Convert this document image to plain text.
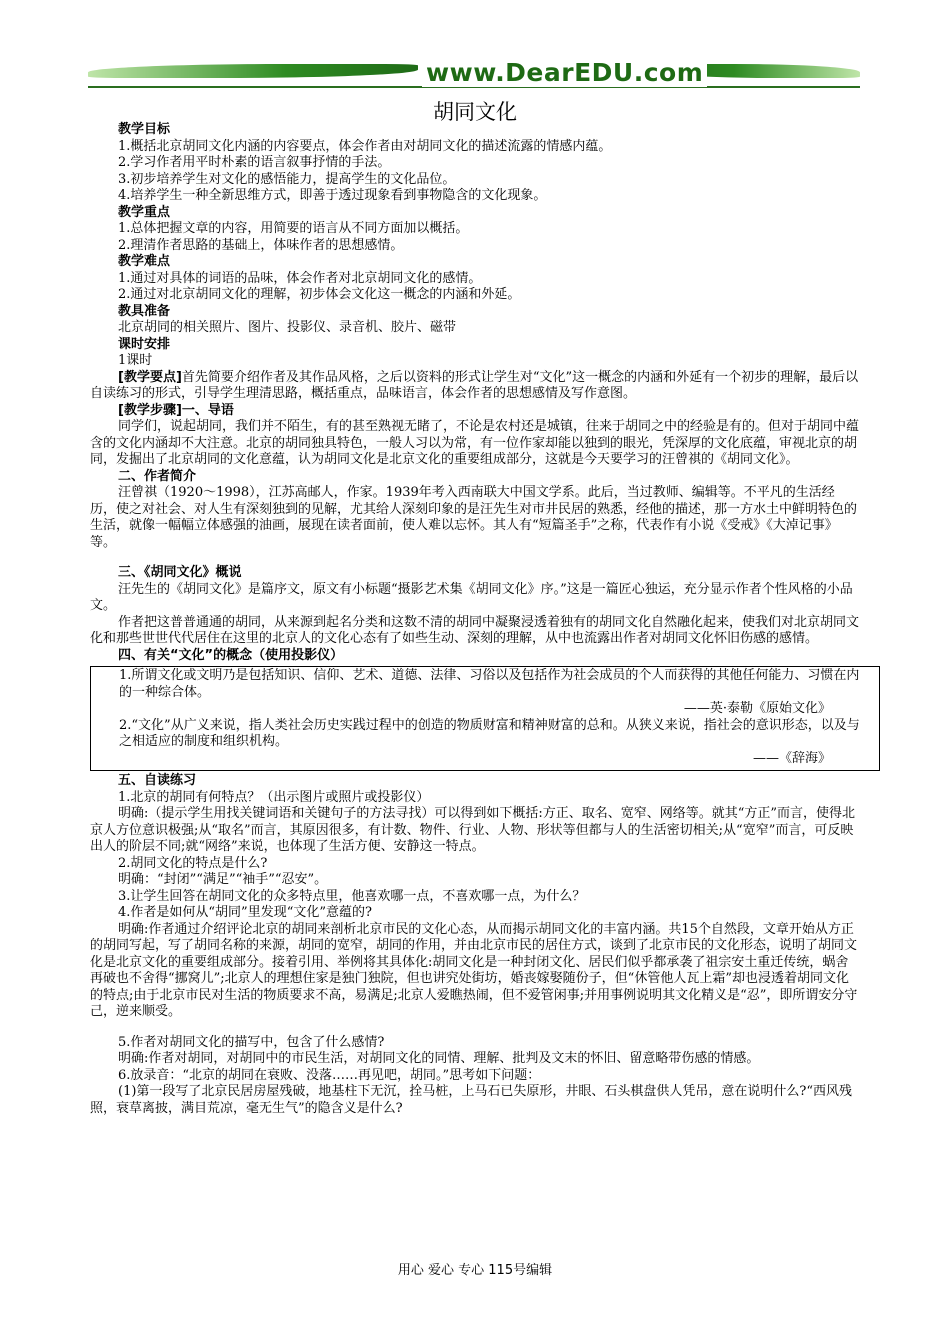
www.DearEDU.com
胡同文化

教学目标

1.概括北京胡同文化内涵的内容要点，体会作者由对胡同文化的描述流露的情感内蕴。

2.学习作者用平时朴素的语言叙事抒情的手法。

3.初步培养学生对文化的感悟能力，提高学生的文化品位。

4.培养学生一种全新思维方式，即善于透过现象看到事物隐含的文化现象。

教学重点

1.总体把握文章的内容，用简要的语言从不同方面加以概括。

2.理清作者思路的基础上，体味作者的思想感情。

教学难点

1.通过对具体的词语的品味，体会作者对北京胡同文化的感情。

2.通过对北京胡同文化的理解，初步体会文化这一概念的内涵和外延。

教具准备

北京胡同的相关照片、图片、投影仪、录音机、胶片、磁带

课时安排

1课时

[教学要点]首先简要介绍作者及其作品风格，之后以资料的形式让学生对“文化”这一概念的内涵和外延有一个初步的理解，最后以自读练习的形式，引导学生理清思路，概括重点，品味语言，体会作者的思想感情及写作意图。

[教学步骤]一、导语

同学们，说起胡同，我们并不陌生，有的甚至熟视无睹了，不论是农村还是城镇，往来于胡同之中的经验是有的。但对于胡同中蕴含的文化内涵却不大注意。北京的胡同独具特色，一般人习以为常，有一位作家却能以独到的眼光，凭深厚的文化底蕴，审视北京的胡同，发掘出了北京胡同的文化意蕴，认为胡同文化是北京文化的重要组成部分，这就是今天要学习的汪曾祺的《胡同文化》。

二、作者简介

汪曾祺（1920～1998），江苏高邮人，作家。1939年考入西南联大中国文学系。此后，当过教师、编辑等。不平凡的生活经历，使之对社会、对人生有深刻独到的见解，尤其给人深刻印象的是汪先生对市井民居的熟悉，经他的描述，那一方水土中鲜明特色的生活，就像一幅幅立体感强的油画，展现在读者面前，使人难以忘怀。其人有“短篇圣手”之称，代表作有小说《受戒》《大淖记事》等。

三、《胡同文化》概说

汪先生的《胡同文化》是篇序文，原文有小标题“摄影艺术集《胡同文化》序。”这是一篇匠心独运，充分显示作者个性风格的小品文。

作者把这普普通通的胡同，从来源到起名分类和这数不清的胡同中凝聚浸透着独有的胡同文化自然融化起来，使我们对北京胡同文化和那些世世代代居住在这里的北京人的文化心态有了如些生动、深刻的理解，从中也流露出作者对胡同文化怀旧伤感的感情。

四、有关“文化”的概念（使用投影仪）

1.所谓文化或文明乃是包括知识、信仰、艺术、道德、法律、习俗以及包括作为社会成员的个人而获得的其他任何能力、习惯在内的一种综合体。

——英·泰勒《原始文化》

2.“文化”从广义来说，指人类社会历史实践过程中的创造的物质财富和精神财富的总和。从狭义来说，指社会的意识形态，以及与之相适应的制度和组织机构。

——《辞海》

五、自读练习

1.北京的胡同有何特点？（出示图片或照片或投影仪）

明确:（提示学生用找关键词语和关键句子的方法寻找）可以得到如下概括:方正、取名、宽窄、网络等。就其“方正”而言，使得北京人方位意识极强;从“取名”而言，其原因很多，有计数、物件、行业、人物、形状等但都与人的生活密切相关;从“宽窄”而言，可反映出人的阶层不同;就“网络”来说，也体现了生活方便、安静这一特点。

2.胡同文化的特点是什么?

明确：“封闭”“满足”“袖手”“忍安”。

3.让学生回答在胡同文化的众多特点里，他喜欢哪一点，不喜欢哪一点，为什么？

4.作者是如何从“胡同”里发现“文化”意蕴的?

明确:作者通过介绍评论北京的胡同来剖析北京市民的文化心态，从而揭示胡同文化的丰富内涵。共15个自然段，文章开始从方正的胡同写起，写了胡同名称的来源，胡同的宽窄，胡同的作用，并由北京市民的居住方式，谈到了北京市民的文化形态，说明了胡同文化是北京文化的重要组成部分。接着引用、举例将其具体化:胡同文化是一种封闭文化、居民们似乎都承袭了祖宗安土重迁传统，蜗舍再破也不舍得“挪窝儿”;北京人的理想住家是独门独院，但也讲究处街坊，婚丧嫁娶随份子，但“休管他人瓦上霜”却也浸透着胡同文化的特点;由于北京市民对生活的物质要求不高，易满足;北京人爱瞧热闹，但不爱管闲事;并用事例说明其文化精义是“忍”，即所谓安分守己，逆来顺受。

5.作者对胡同文化的描写中，包含了什么感情?

明确:作者对胡同，对胡同中的市民生活，对胡同文化的同情、理解、批判及文末的怀旧、留意略带伤感的情感。

6.放录音：“北京的胡同在衰败、没落……再见吧，胡同。”思考如下问题：

(1)第一段写了北京民居房屋残破，地基柱下无沉，拴马桩，上马石已失原形，井眼、石头棋盘供人凭吊，意在说明什么?“西风残照，衰草离披，满目荒凉，毫无生气”的隐含义是什么?

用心 爱心 专心 115号编辑
